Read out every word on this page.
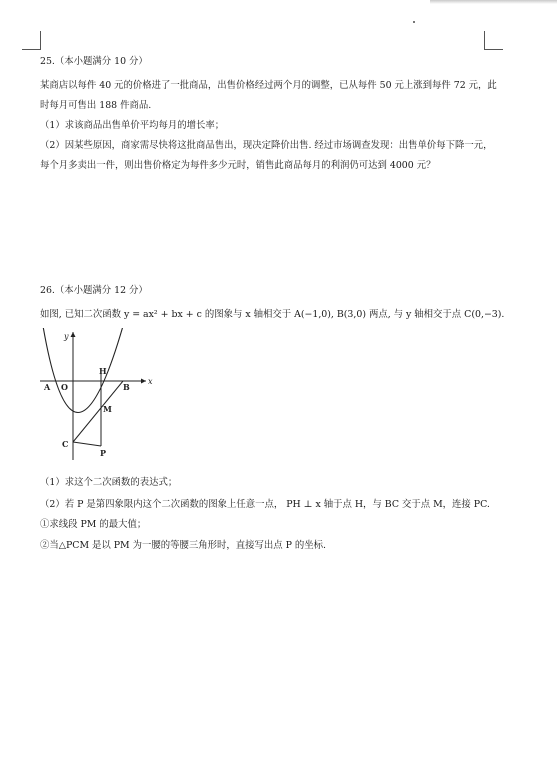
25.（本小题满分 10 分）
某商店以每件 40 元的价格进了一批商品，出售价格经过两个月的调整，已从每件 50 元上涨到每件 72 元，此
时每月可售出 188 件商品.
（1）求该商品出售单价平均每月的增长率；
（2）因某些原因，商家需尽快将这批商品售出，现决定降价出售. 经过市场调查发现：出售单价每下降一元，
每个月多卖出一件，则出售价格定为每件多少元时，销售此商品每月的利润仍可达到 4000 元？
26.（本小题满分 12 分）
如图, 已知二次函数 y = ax² + bx + c 的图象与 x 轴相交于 A(−1,0), B(3,0) 两点, 与 y 轴相交于点 C(0,−3).
y
x
A O
H
B
M
C
P
（1）求这个二次函数的表达式；
（2）若 P 是第四象限内这个二次函数的图象上任意一点， PH ⊥ x 轴于点 H，与 BC 交于点 M，连接 PC.
①求线段 PM 的最大值；
②当△PCM 是以 PM 为一腰的等腰三角形时，直接写出点 P 的坐标.
